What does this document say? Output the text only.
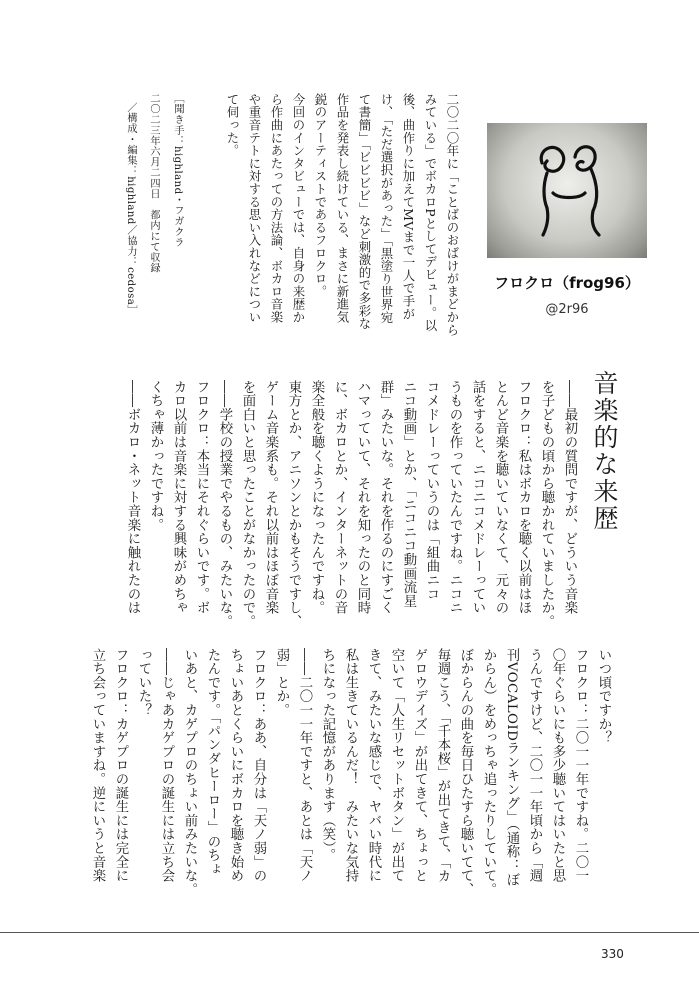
二〇二〇年に「ことばのおばけがまどから
みている」でボカロPとしてデビュー。以
後、曲作りに加えてMVまで一人で手が
け、「ただ選択があった」「黒塗り世界宛
て書簡」「ビビビビ」など刺激的で多彩な
作品を発表し続けている、まさに新進気
鋭のアーティストであるフロクロ。
今回のインタビューでは、自身の来歴か
ら作曲にあたっての方法論、ボカロ音楽
や重音テトに対する思い入れなどについ
て伺った。
［聞き手：highland・フガクラ
／構成・編集：highland／協力：cedosa］	二〇二三年六月二四日　都内にて収録
フロクロ（frog96）
@2r96
音楽的な来歴
――最初の質問ですが、どういう音楽
を子どもの頃から聴かれていましたか。
フロクロ：私はボカロを聴く以前はほ
とんど音楽を聴いていなくて、元々の
話をすると、ニコニコメドレーってい
うものを作っていたんですね。ニコニ
コメドレーっていうのは「組曲ニコ
ニコ動画」とか、「ニコニコ動画流星
群」みたいな。それを作るのにすごく
ハマっていて、それを知ったのと同時
に、ボカロとか、インターネットの音
楽全般を聴くようになったんですね。
東方とか、アニソンとかもそうですし、
ゲーム音楽系も。それ以前はほぼ音楽
を面白いと思ったことがなかったので。
――学校の授業でやるもの、みたいな。
フロクロ：本当にそれぐらいです。ボ
カロ以前は音楽に対する興味がめちゃ
くちゃ薄かったですね。
――ボカロ・ネット音楽に触れたのは
いつ頃ですか？
フロクロ：二〇一一年ですね。二〇一
〇年ぐらいにも多少聴いてはいたと思
うんですけど、二〇一一年頃から「週
刊VOCALOIDランキング」（通称：ぼ
からん）をめっちゃ追ったりしていて。
ぼからんの曲を毎日ひたすら聴いてて、
毎週こう、「千本桜」が出てきて、「カ
ゲロウデイズ」が出てきて、ちょっと
空いて「人生リセットボタン」が出て
きて、みたいな感じで、ヤバい時代に
私は生きているんだ！　みたいな気持
ちになった記憶があります（笑）。
――二〇一一年ですと、あとは「天ノ
弱」とか。
フロクロ：ああ、自分は「天ノ弱」の
ちょいあとくらいにボカロを聴き始め
たんです。「パンダヒーロー」のちょ
いあと、カゲプロのちょい前みたいな。
――じゃあカゲプロの誕生には立ち会
っていた？
フロクロ：カゲプロの誕生には完全に
立ち会っていますね。逆にいうと音楽
330
